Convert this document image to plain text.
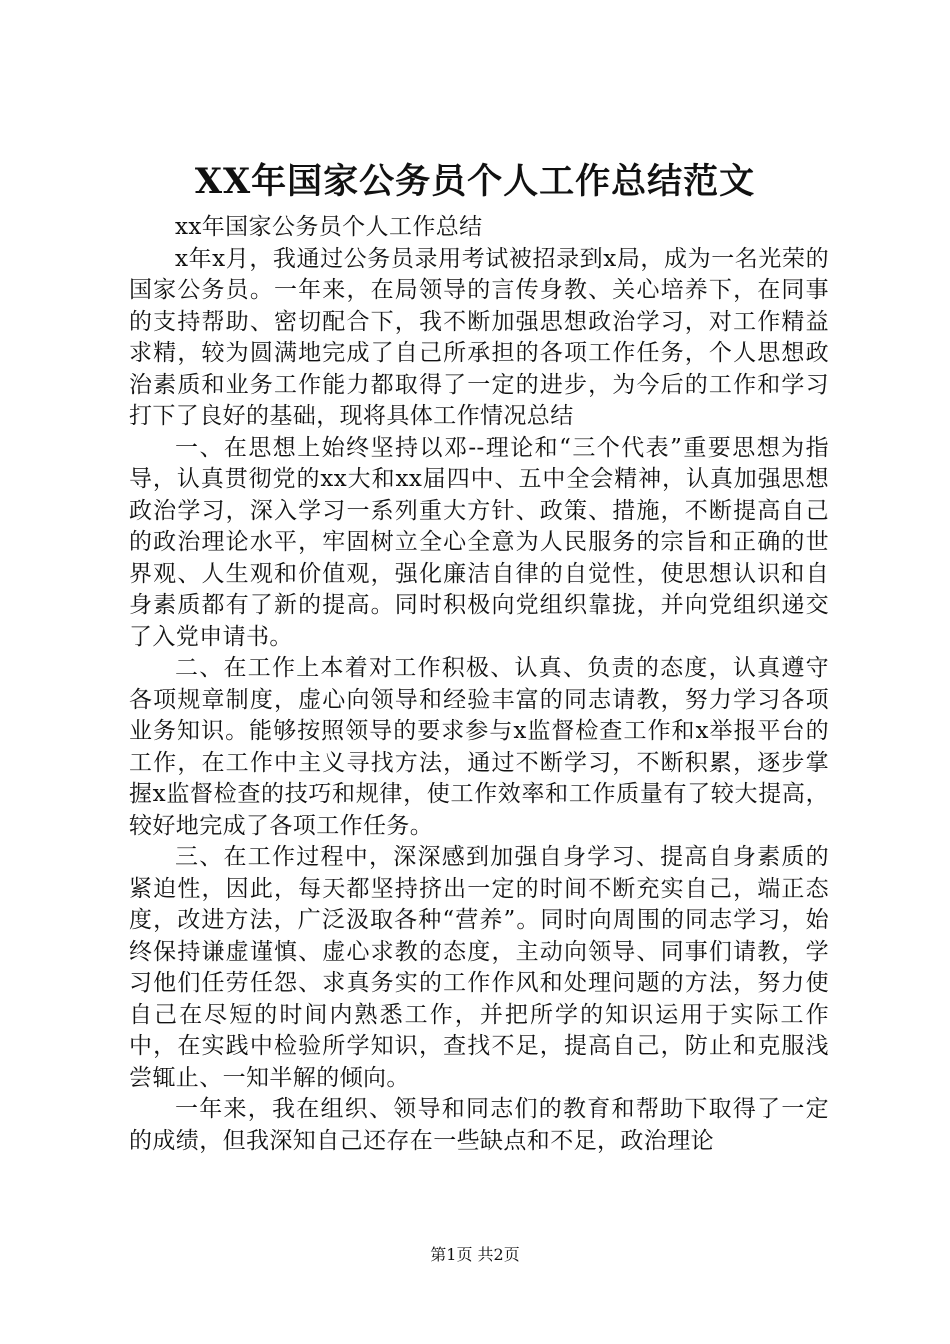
XX年国家公务员个人工作总结范文

xx年国家公务员个人工作总结

x年x月，我通过公务员录用考试被招录到x局，成为一名光荣的国家公务员。一年来，在局领导的言传身教、关心培养下，在同事的支持帮助、密切配合下，我不断加强思想政治学习，对工作精益求精，较为圆满地完成了自己所承担的各项工作任务，个人思想政治素质和业务工作能力都取得了一定的进步，为今后的工作和学习打下了良好的基础，现将具体工作情况总结

一、在思想上始终坚持以邓--理论和“三个代表”重要思想为指导，认真贯彻党的xx大和xx届四中、五中全会精神，认真加强思想政治学习，深入学习一系列重大方针、政策、措施，不断提高自己的政治理论水平，牢固树立全心全意为人民服务的宗旨和正确的世界观、人生观和价值观，强化廉洁自律的自觉性，使思想认识和自身素质都有了新的提高。同时积极向党组织靠拢，并向党组织递交了入党申请书。

二、在工作上本着对工作积极、认真、负责的态度，认真遵守各项规章制度，虚心向领导和经验丰富的同志请教，努力学习各项业务知识。能够按照领导的要求参与x监督检查工作和x举报平台的工作，在工作中主义寻找方法，通过不断学习，不断积累，逐步掌握x监督检查的技巧和规律，使工作效率和工作质量有了较大提高，较好地完成了各项工作任务。

三、在工作过程中，深深感到加强自身学习、提高自身素质的紧迫性，因此，每天都坚持挤出一定的时间不断充实自己，端正态度，改进方法，广泛汲取各种“营养”。同时向周围的同志学习，始终保持谦虚谨慎、虚心求教的态度，主动向领导、同事们请教，学习他们任劳任怨、求真务实的工作作风和处理问题的方法，努力使自己在尽短的时间内熟悉工作，并把所学的知识运用于实际工作中，在实践中检验所学知识，查找不足，提高自己，防止和克服浅尝辄止、一知半解的倾向。

一年来，我在组织、领导和同志们的教育和帮助下取得了一定的成绩，但我深知自己还存在一些缺点和不足，政治理论

第1页 共2页
